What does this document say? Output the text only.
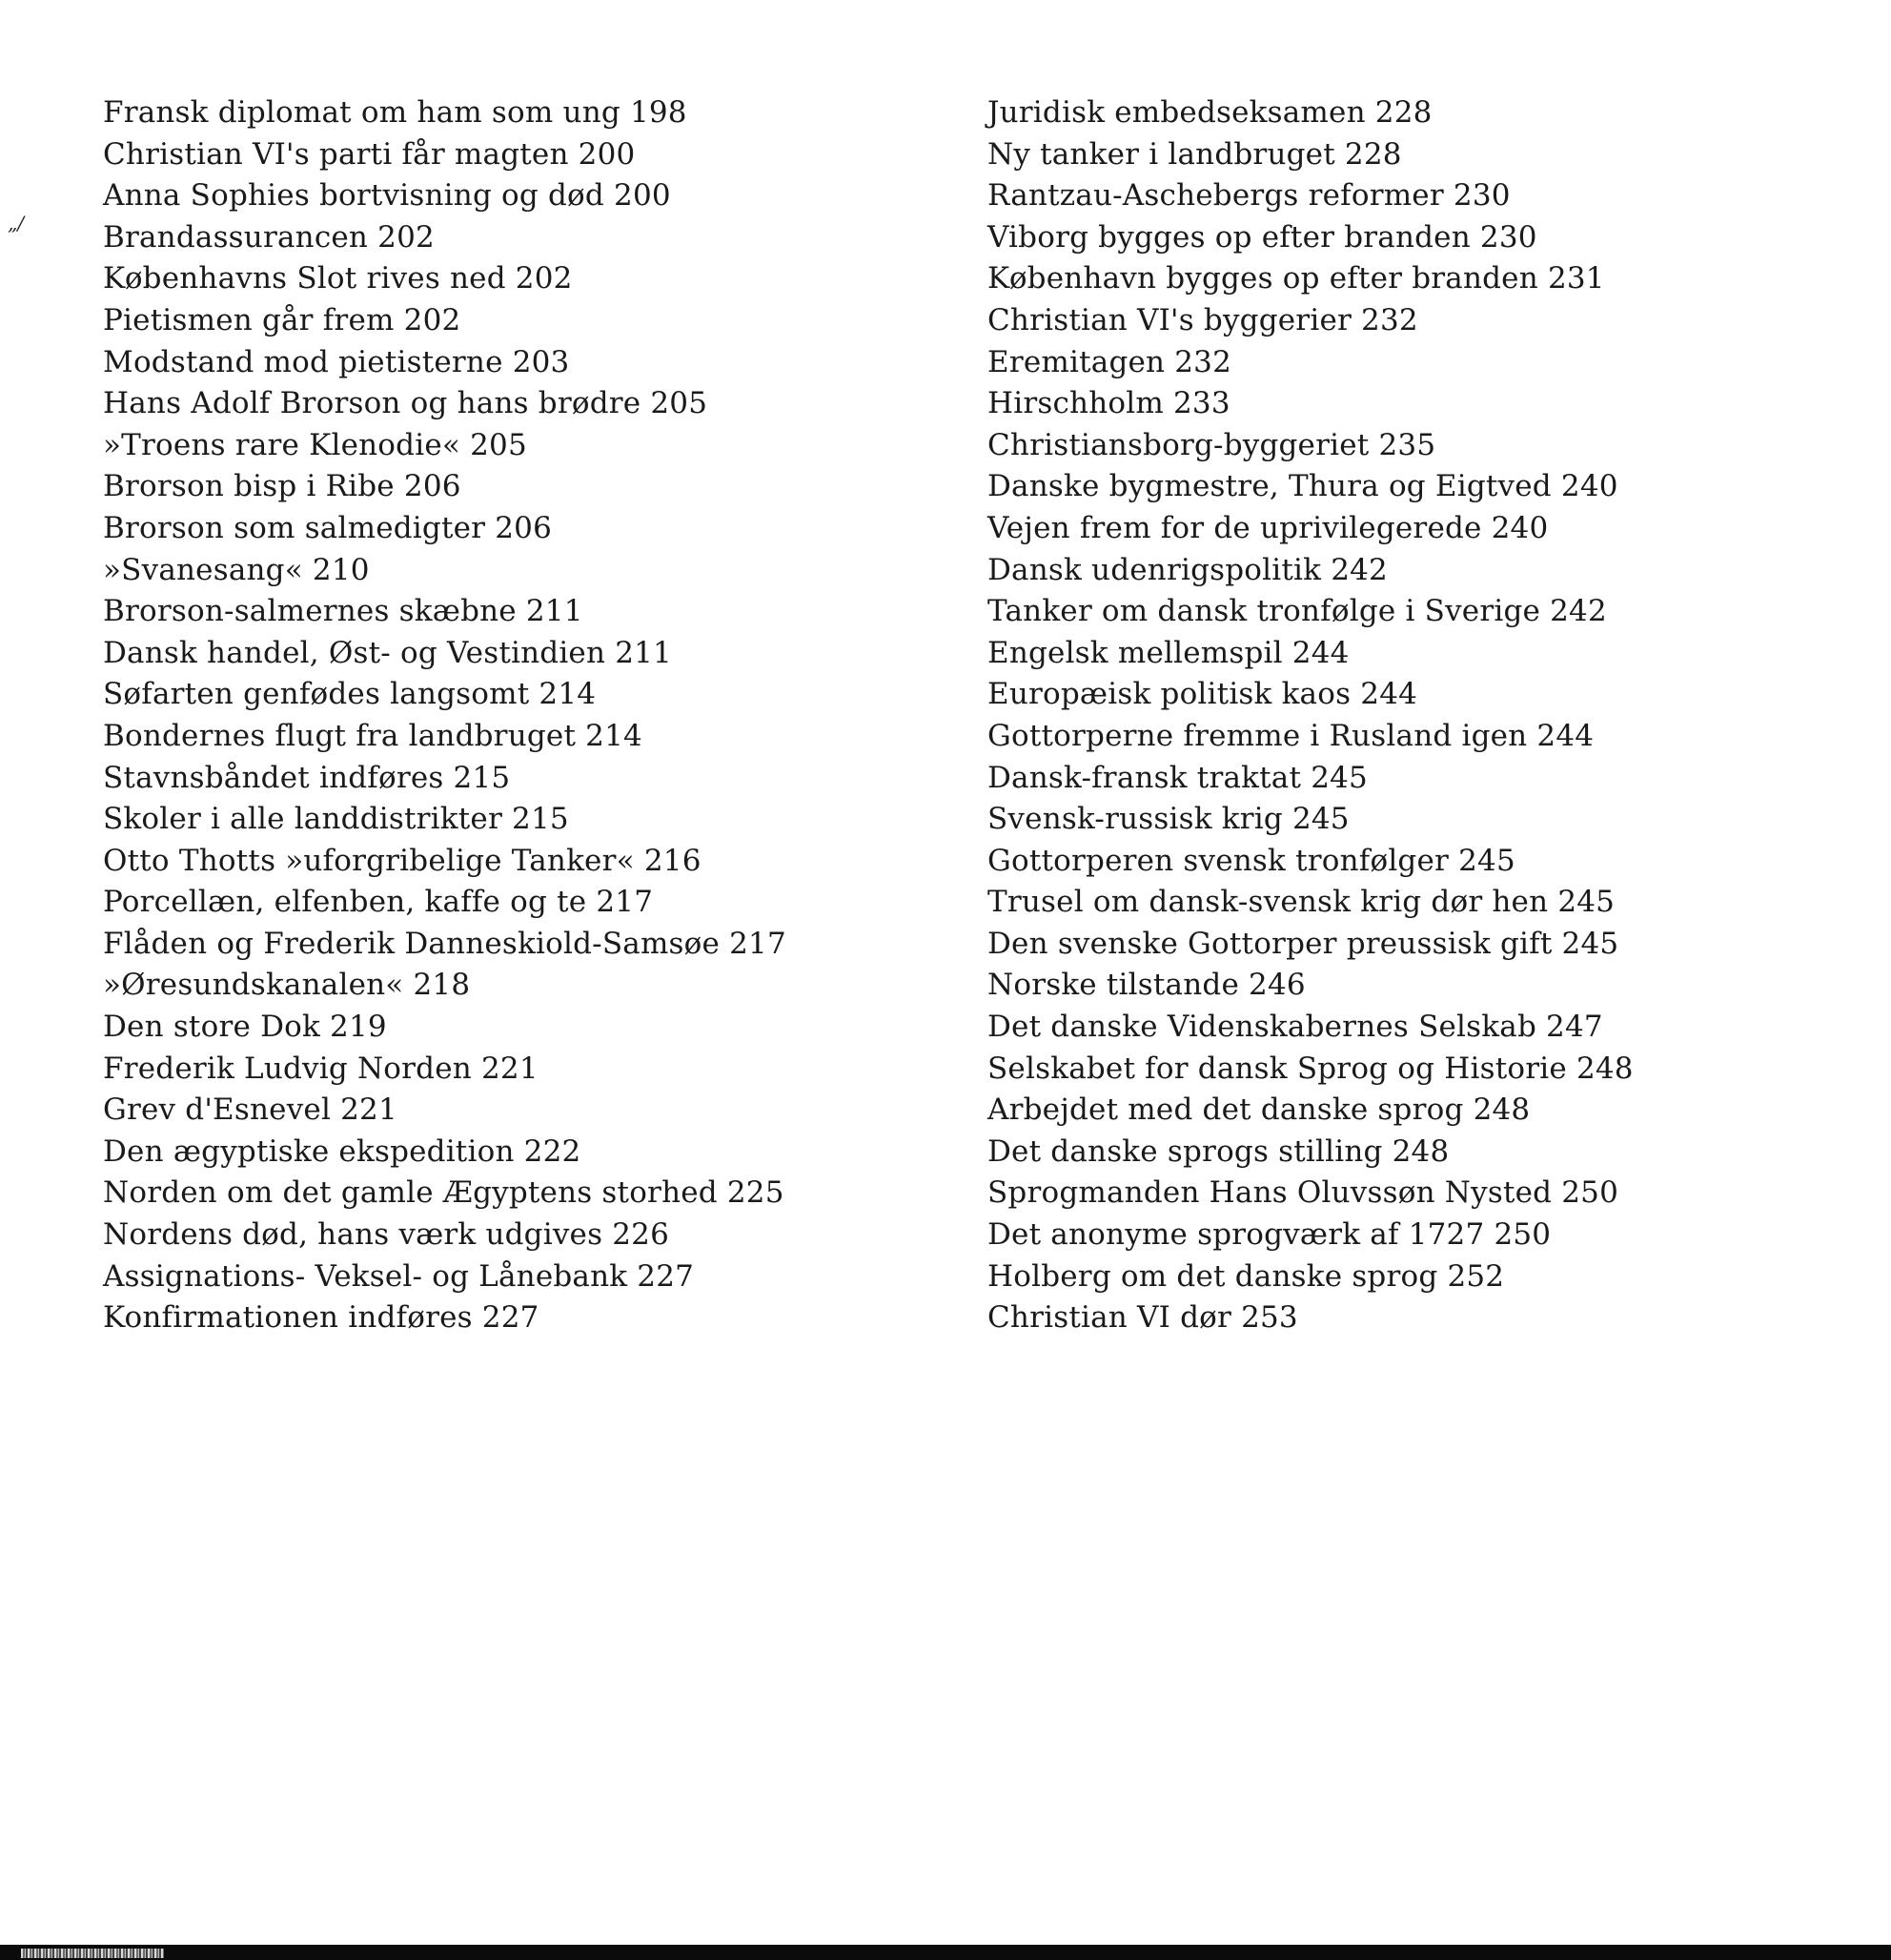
„/
Fransk diplomat om ham som ung 198
Christian VI's parti får magten 200
Anna Sophies bortvisning og død 200
Brandassurancen 202
Københavns Slot rives ned 202
Pietismen går frem 202
Modstand mod pietisterne 203
Hans Adolf Brorson og hans brødre 205
»Troens rare Klenodie« 205
Brorson bisp i Ribe 206
Brorson som salmedigter 206
»Svanesang« 210
Brorson-salmernes skæbne 211
Dansk handel, Øst- og Vestindien 211
Søfarten genfødes langsomt 214
Bondernes flugt fra landbruget 214
Stavnsbåndet indføres 215
Skoler i alle landdistrikter 215
Otto Thotts »uforgribelige Tanker« 216
Porcellæn, elfenben, kaffe og te 217
Flåden og Frederik Danneskiold-Samsøe 217
»Øresundskanalen« 218
Den store Dok 219
Frederik Ludvig Norden 221
Grev d'Esnevel 221
Den ægyptiske ekspedition 222
Norden om det gamle Ægyptens storhed 225
Nordens død, hans værk udgives 226
Assignations- Veksel- og Lånebank 227
Konfirmationen indføres 227
Juridisk embedseksamen 228
Ny tanker i landbruget 228
Rantzau-Aschebergs reformer 230
Viborg bygges op efter branden 230
København bygges op efter branden 231
Christian VI's byggerier 232
Eremitagen 232
Hirschholm 233
Christiansborg-byggeriet 235
Danske bygmestre, Thura og Eigtved 240
Vejen frem for de uprivilegerede 240
Dansk udenrigspolitik 242
Tanker om dansk tronfølge i Sverige 242
Engelsk mellemspil 244
Europæisk politisk kaos 244
Gottorperne fremme i Rusland igen 244
Dansk-fransk traktat 245
Svensk-russisk krig 245
Gottorperen svensk tronfølger 245
Trusel om dansk-svensk krig dør hen 245
Den svenske Gottorper preussisk gift 245
Norske tilstande 246
Det danske Videnskabernes Selskab 247
Selskabet for dansk Sprog og Historie 248
Arbejdet med det danske sprog 248
Det danske sprogs stilling 248
Sprogmanden Hans Oluvssøn Nysted 250
Det anonyme sprogværk af 1727 250
Holberg om det danske sprog 252
Christian VI dør 253
